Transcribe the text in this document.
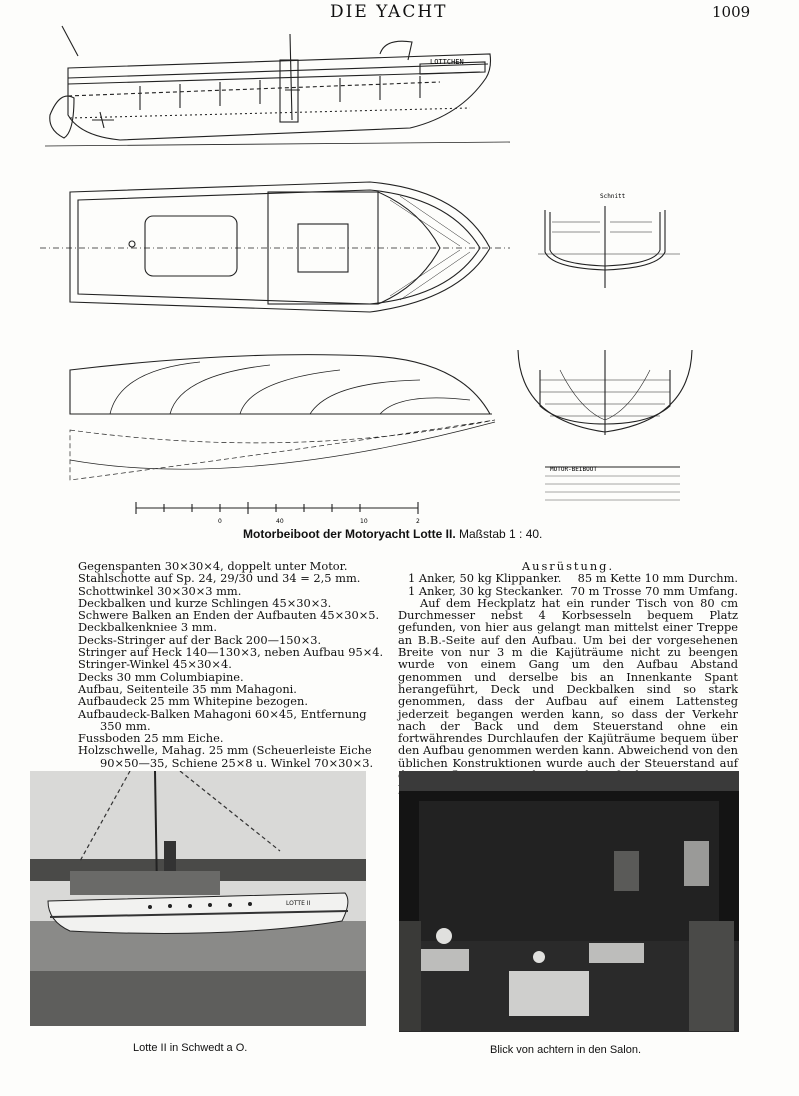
DIE YACHT	1009
LOTTCHEN
Schnitt
MOTOR-BEIBOOT
0	40	10	2
Motorbeiboot der Motoryacht Lotte II. Maßstab 1 : 40.
Gegenspanten 30×30×4, doppelt unter Motor.
Stahlschotte auf Sp. 24, 29/30 und 34 = 2,5 mm.
Schottwinkel 30×30×3 mm.
Deckbalken und kurze Schlingen 45×30×3.
Schwere Balken an Enden der Aufbauten 45×30×5.
Deckbalkenkniee 3 mm.
Decks-Stringer auf der Back 200—150×3.
Stringer auf Heck 140—130×3, neben Aufbau 95×4.
Stringer-Winkel 45×30×4.
Decks 30 mm Columbiapine.
Aufbau, Seitenteile 35 mm Mahagoni.
Aufbaudeck 25 mm Whitepine bezogen.
Aufbaudeck-Balken Mahagoni 60×45, Entfernung
350 mm.
Fussboden 25 mm Eiche.
Holzschwelle, Mahag. 25 mm (Scheuerleiste Eiche
90×50—35, Schiene 25×8 u. Winkel 70×30×3.
Ausrüstung.
1 Anker, 50 kg Klippanker.	85 m Kette 10 mm Durchm.
1 Anker, 30 kg Steckanker. 70 m Trosse 70 mm Umfang.
Auf dem Heckplatz hat ein runder Tisch von 80 cm Durchmesser nebst 4 Korbsesseln bequem Platz gefunden, von hier aus gelangt man mittelst einer Treppe an B.B.-Seite auf den Aufbau. Um bei der vorgesehenen Breite von nur 3 m die Kajüträume nicht zu beengen wurde von einem Gang um den Aufbau Abstand genommen und derselbe bis an Innenkante Spant herangeführt, Deck und Deckbalken sind so stark genommen, dass der Aufbau auf einem Lattensteg jederzeit begangen werden kann, so dass der Verkehr nach der Back und dem Steuerstand ohne ein fortwährendes Durchlaufen der Kajüträume bequem über den Aufbau genommen werden kann. Abweichend von den üblichen Konstruktionen wurde auch der Steuerstand auf
LOTTE II
Lotte II in Schwedt a O.	Blick von achtern in den Salon.
